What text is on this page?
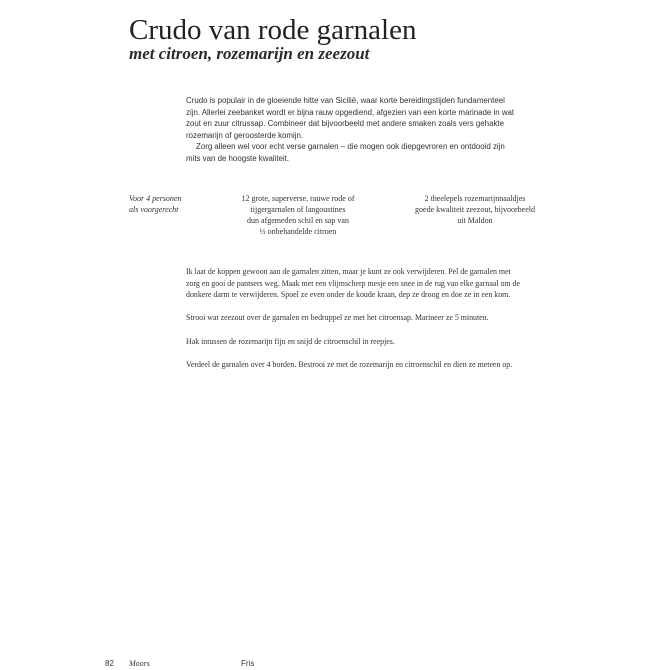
Crudo van rode garnalen
met citroen, rozemarijn en zeezout

Crudo is populair in de gloeiende hitte van Sicilië, waar korte bereidingstijden fundamenteel zijn. Allerlei zeebanket wordt er bijna rauw opgediend, afgezien van een korte marinade in wat zout en zuur citrussap. Combineer dat bijvoorbeeld met andere smaken zoals vers gehakte rozemarijn of geroosterde komijn.

Zorg alleen wel voor echt verse garnalen – die mogen ook diepgevroren en ontdooid zijn mits van de hoogste kwaliteit.

Voor 4 personen
als voorgerecht
12 grote, superverse, rauwe rode of
tijgergarnalen of langoustines
dun afgemeden schil en sap van
½ onbehandelde citroen
2 theelepels rozemarijnnaaldjes
goede kwaliteit zeezout, bijvoorbeeld
uit Maldon

Ik laat de koppen gewoon aan de garnalen zitten, maar je kunt ze ook verwijderen. Pel de garnalen met zorg en gooi de pantsers weg. Maak met een vlijmscherp mesje een snee in de rug van elke garnaal om de donkere darm te verwijderen. Spoel ze even onder de koude kraan, dep ze droog en doe ze in een kom.

Strooi wat zeezout over de garnalen en bedruppel ze met het citroensap. Marineer ze 5 minuten.

Hak intussen de rozemarijn fijn en snijd de citroenschil in reepjes.

Verdeel de garnalen over 4 borden. Bestrooi ze met de rozemarijn en citroenschil en dien ze meteen op.

82 Moors	Fris
